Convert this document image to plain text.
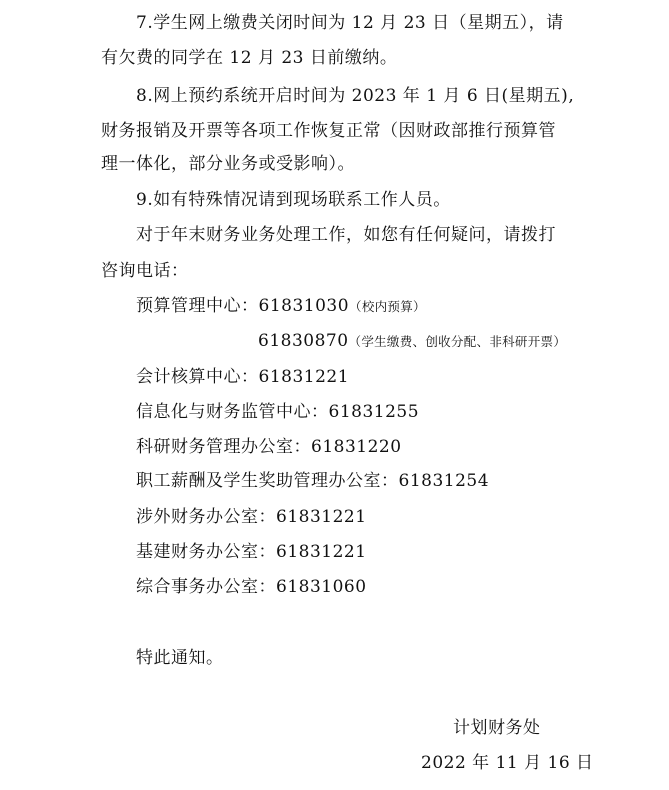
7.学生网上缴费关闭时间为 12 月 23 日（星期五），请
有欠费的同学在 12 月 23 日前缴纳。
8.网上预约系统开启时间为 2023 年 1 月 6 日(星期五),
财务报销及开票等各项工作恢复正常（因财政部推行预算管
理一体化，部分业务或受影响）。
9.如有特殊情况请到现场联系工作人员。
对于年末财务业务处理工作，如您有任何疑问，请拨打
咨询电话：
预算管理中心：61831030（校内预算）
61830870（学生缴费、创收分配、非科研开票）
会计核算中心：61831221
信息化与财务监管中心：61831255
科研财务管理办公室：61831220
职工薪酬及学生奖助管理办公室：61831254
涉外财务办公室：61831221
基建财务办公室：61831221
综合事务办公室：61831060
特此通知。
计划财务处
2022 年 11 月 16 日
